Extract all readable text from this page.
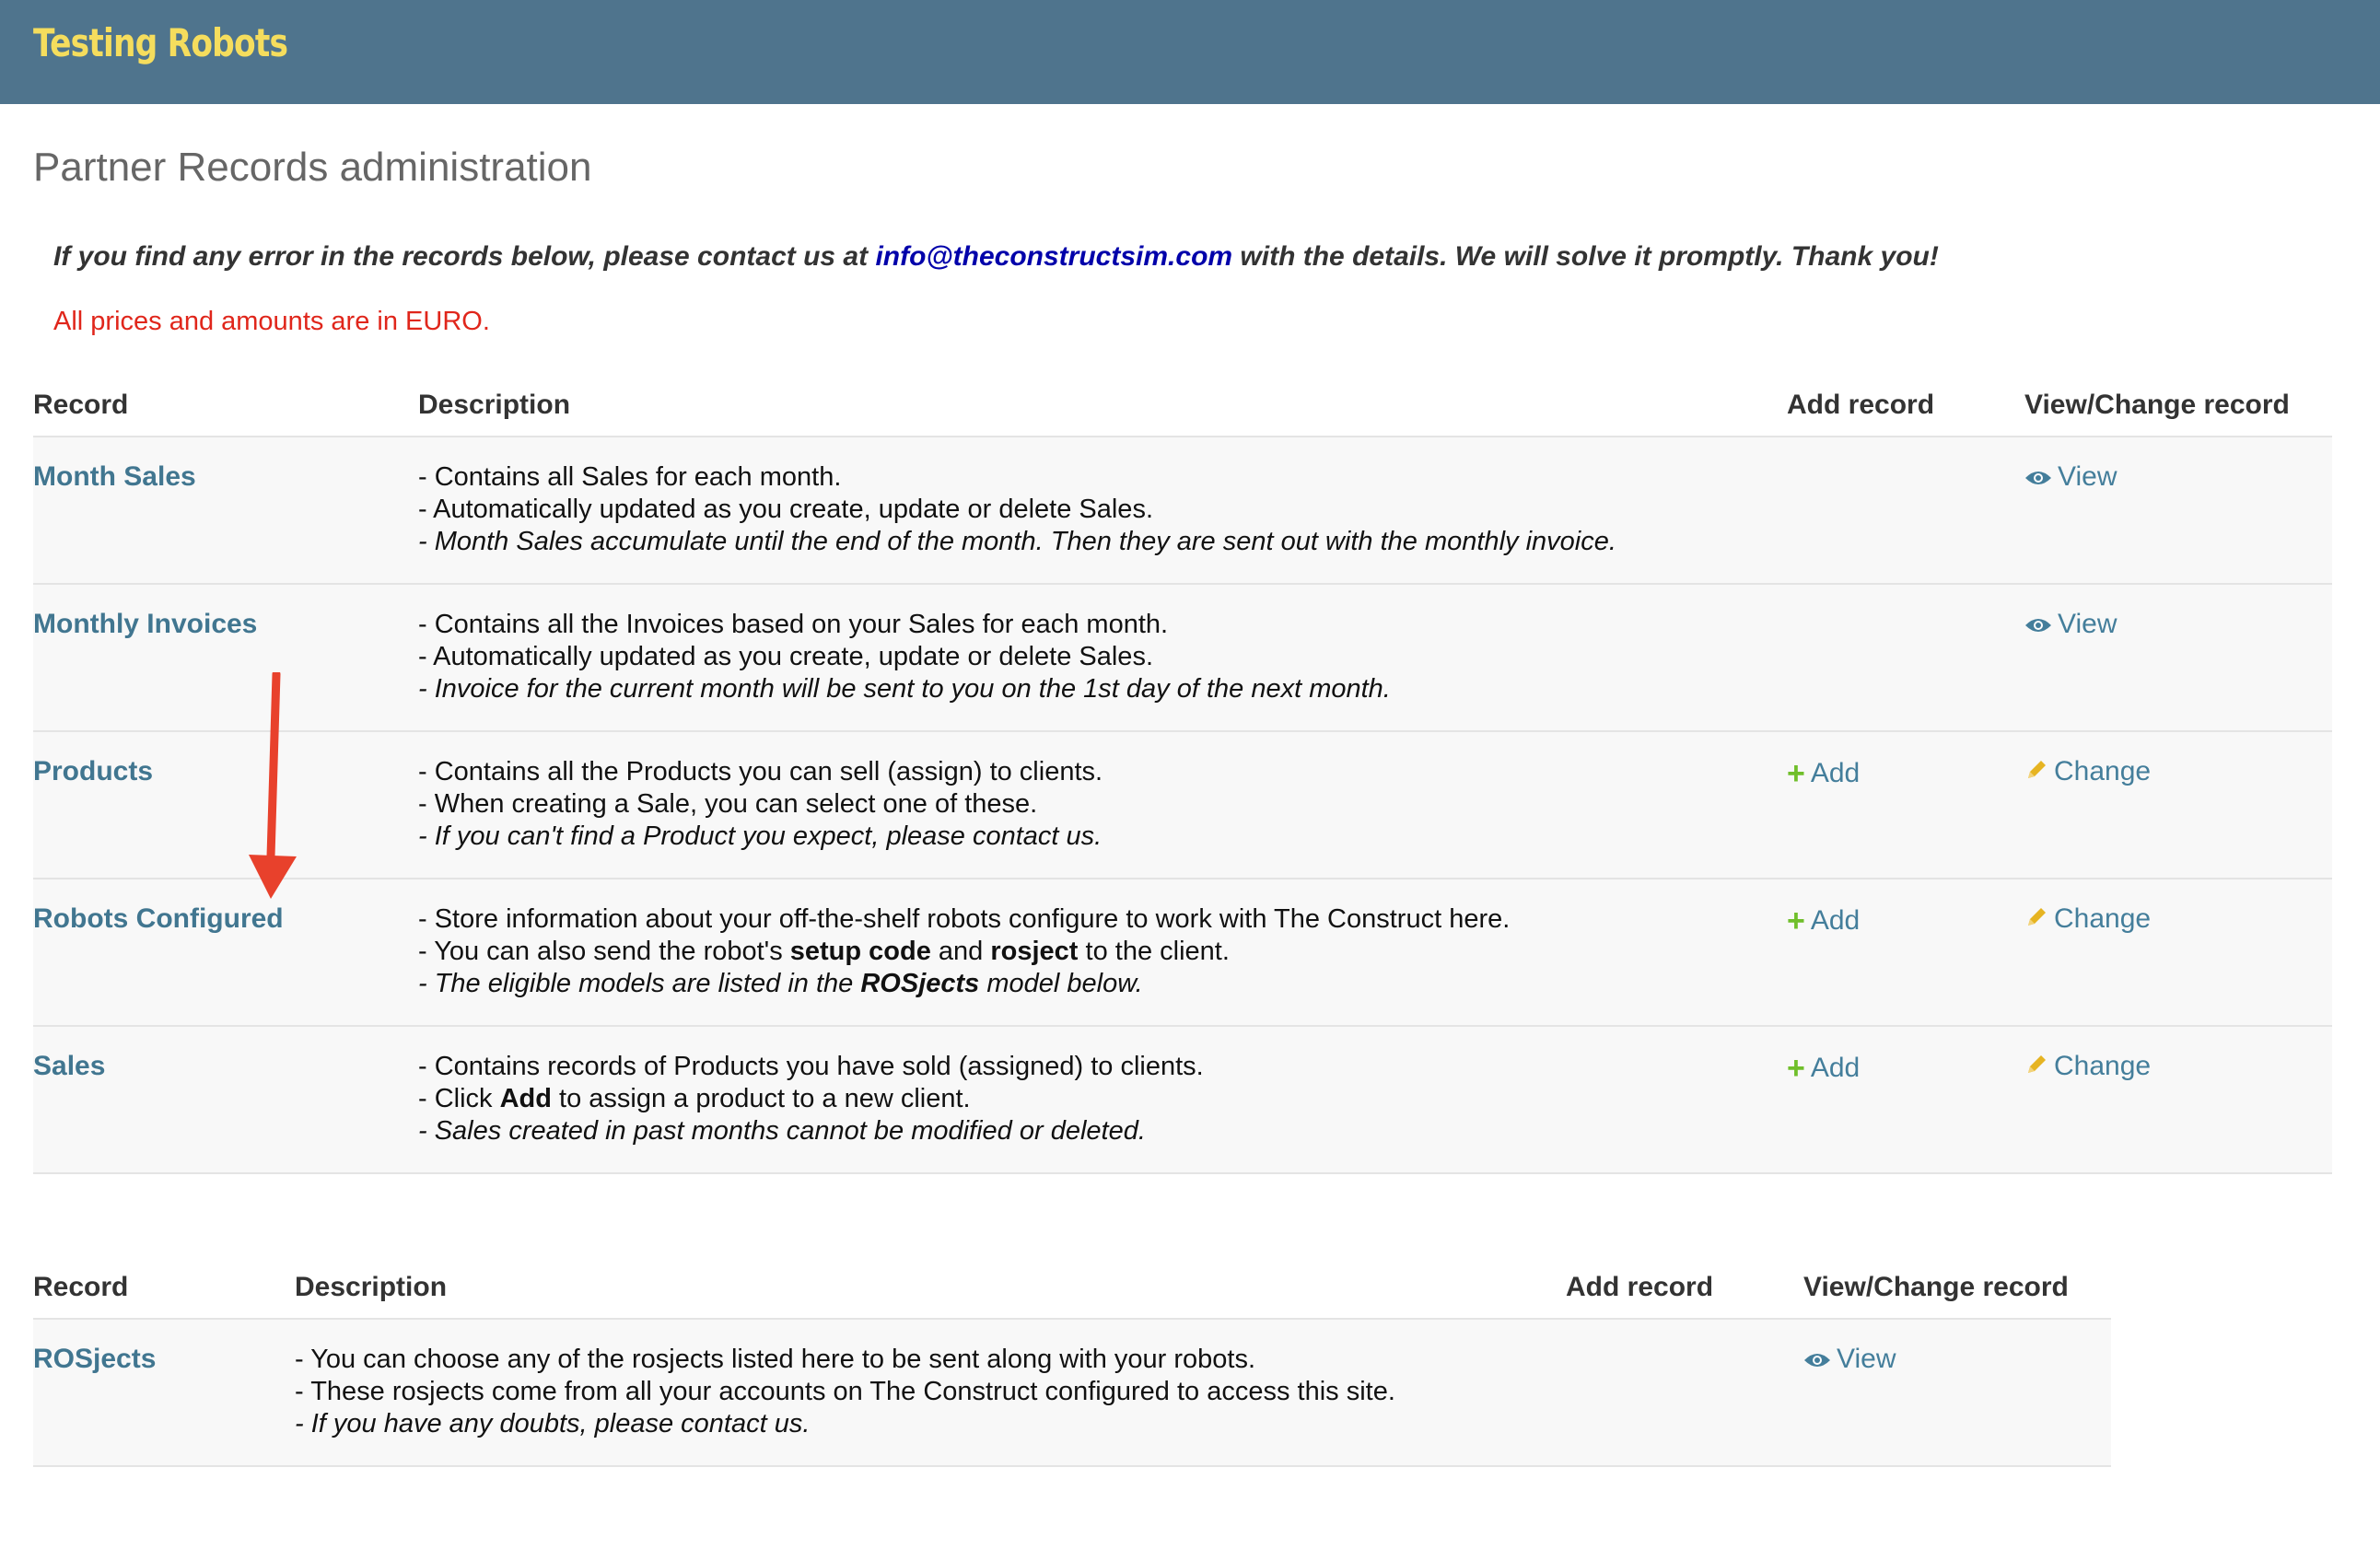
Testing Robots
Partner Records administration
If you find any error in the records below, please contact us at info@theconstructsim.com with the details. We will solve it promptly. Thank you!
All prices and amounts are in EURO.
Record	Description	Add record	View/Change record
Month Sales	- Contains all Sales for each month.
- Automatically updated as you create, update or delete Sales.
- Month Sales accumulate until the end of the month. Then they are sent out with the monthly invoice.		View
Monthly Invoices	- Contains all the Invoices based on your Sales for each month.
- Automatically updated as you create, update or delete Sales.
- Invoice for the current month will be sent to you on the 1st day of the next month.		View
Products	- Contains all the Products you can sell (assign) to clients.
- When creating a Sale, you can select one of these.
- If you can't find a Product you expect, please contact us.	+ Add	Change
Robots Configured	- Store information about your off-the-shelf robots configure to work with The Construct here.
- You can also send the robot's setup code and rosject to the client.
- The eligible models are listed in the ROSjects model below.	+ Add	Change
Sales	- Contains records of Products you have sold (assigned) to clients.
- Click Add to assign a product to a new client.
- Sales created in past months cannot be modified or deleted.	+ Add	Change
Record	Description	Add record	View/Change record
ROSjects	- You can choose any of the rosjects listed here to be sent along with your robots.
- These rosjects come from all your accounts on The Construct configured to access this site.
- If you have any doubts, please contact us.		View
